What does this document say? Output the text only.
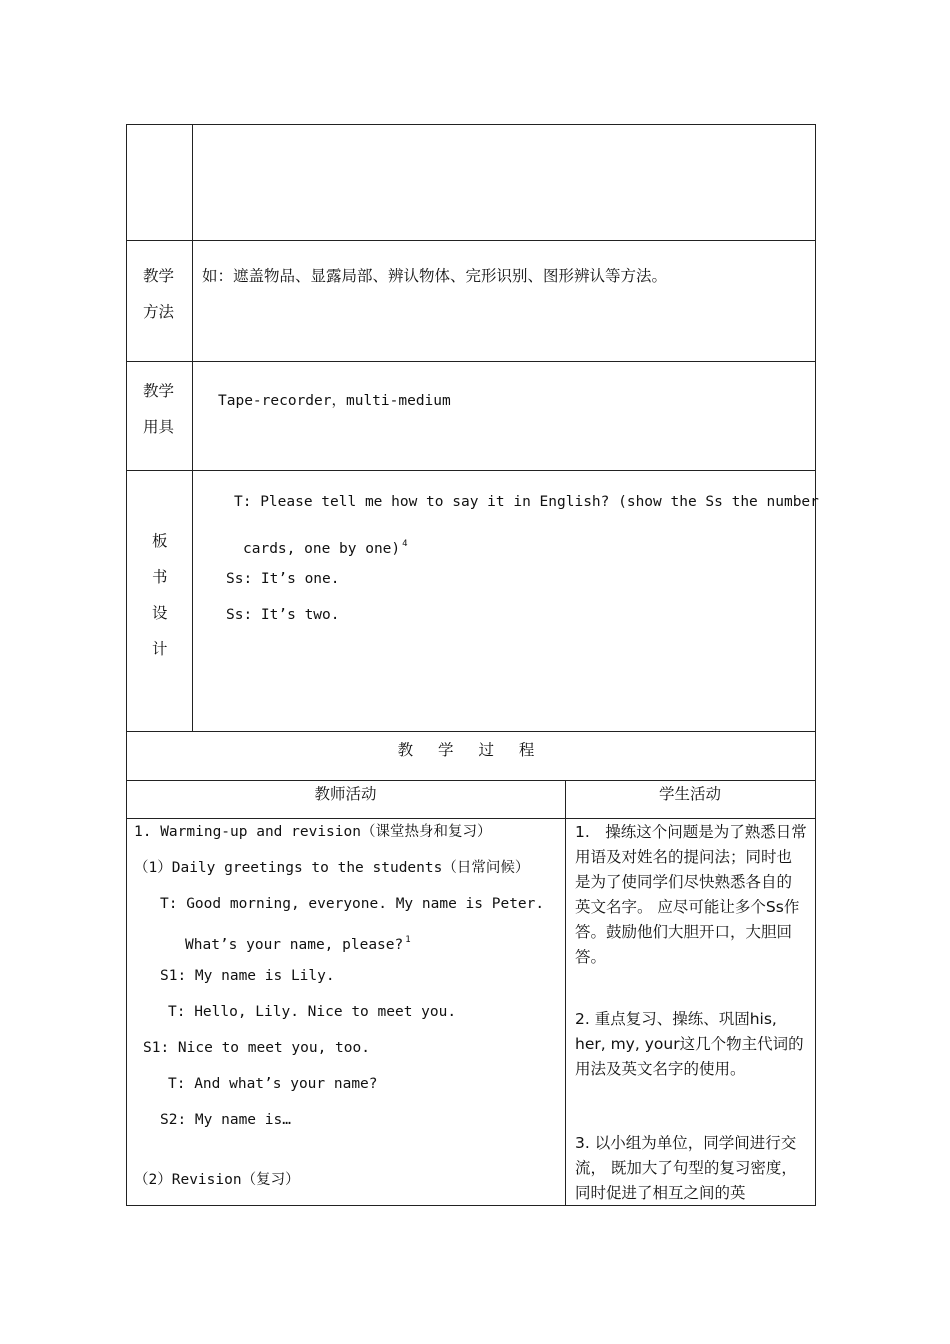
教学
方法
如：遮盖物品、显露局部、辨认物体、完形识别、图形辨认等方法。
教学
用具
Tape-recorder，multi-medium
板
书
设
计
T: Please tell me how to say it in English? (show the Ss the number
cards, one by one) $^4$
Ss: It’s one.
Ss: It’s two.
教 学 过 程
教师活动	学生活动
1. Warming-up and revision（课堂热身和复习）
（1）Daily greetings to the students（日常问候）
T: Good morning, everyone. My name is Peter.
What’s your name, please? $^1$
S1: My name is Lily.
T: Hello, Lily. Nice to meet you.
S1: Nice to meet you, too.
T: And what’s your name?
S2: My name is…
（2）Revision（复习）
1.　操练这个问题是为了熟悉日常用语及对姓名的提问法；同时也是为了使同学们尽快熟悉各自的英文名字。 应尽可能让多个Ss作答。鼓励他们大胆开口，大胆回答。
2. 重点复习、操练、巩固his, her, my, your这几个物主代词的用法及英文名字的使用。
3. 以小组为单位，同学间进行交流， 既加大了句型的复习密度， 同时促进了相互之间的英
